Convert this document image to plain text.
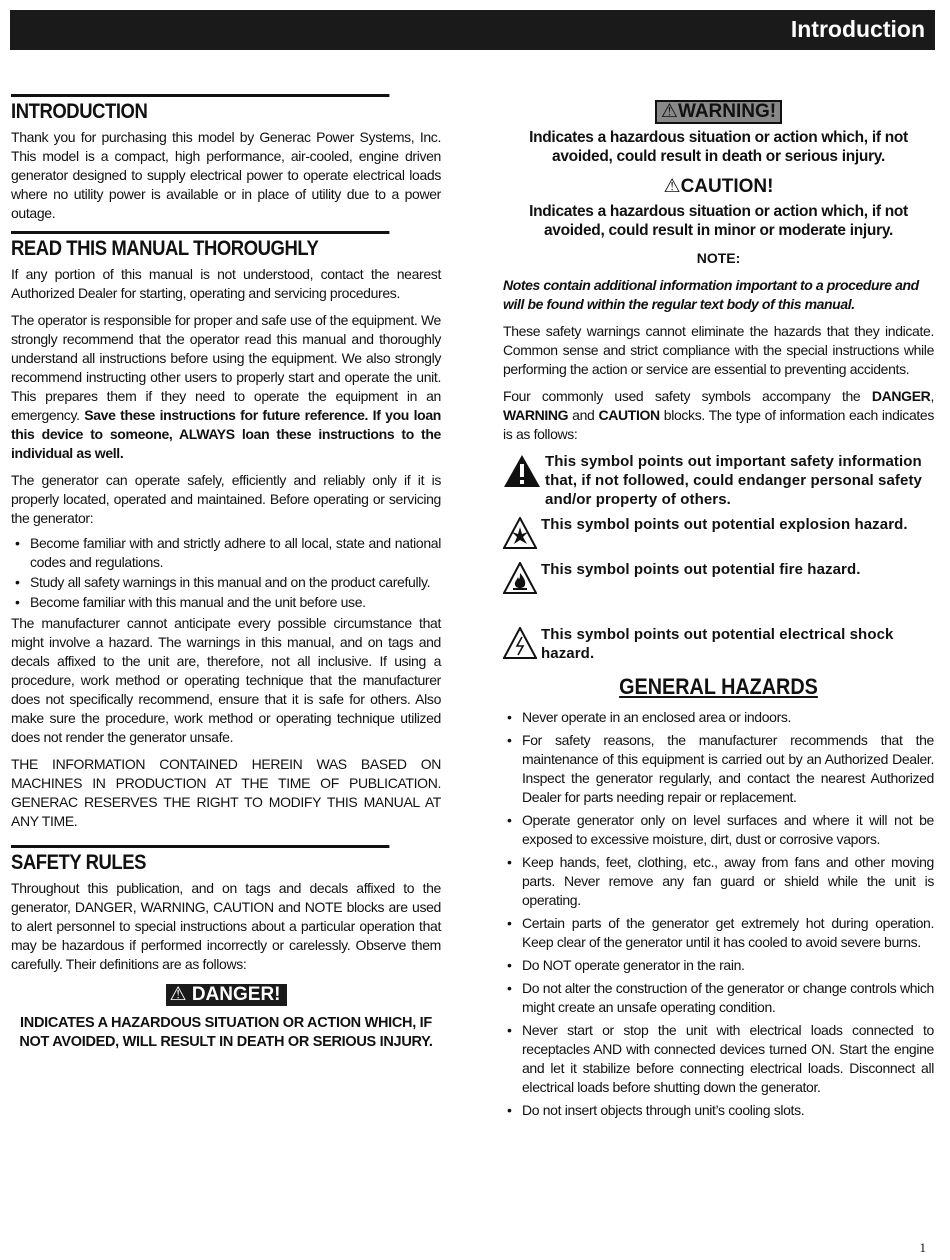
Introduction
INTRODUCTION

Thank you for purchasing this model by Generac Power Systems, Inc. This model is a compact, high performance, air-cooled, engine driven generator designed to supply electrical power to operate electrical loads where no utility power is available or in place of utility due to a power outage.

READ THIS MANUAL THOROUGHLY

If any portion of this manual is not understood, contact the nearest Authorized Dealer for starting, operating and servicing procedures.

The operator is responsible for proper and safe use of the equipment. We strongly recommend that the operator read this manual and thoroughly understand all instructions before using the equipment. We also strongly recommend instructing other users to properly start and operate the unit. This prepares them if they need to operate the equipment in an emergency. Save these instructions for future reference. If you loan this device to someone, ALWAYS loan these instructions to the individual as well.

The generator can operate safely, efficiently and reliably only if it is properly located, operated and maintained. Before operating or servicing the generator:

• Become familiar with and strictly adhere to all local, state and national codes and regulations.
• Study all safety warnings in this manual and on the product carefully.
• Become familiar with this manual and the unit before use.

The manufacturer cannot anticipate every possible circumstance that might involve a hazard. The warnings in this manual, and on tags and decals affixed to the unit are, therefore, not all inclusive. If using a procedure, work method or operating technique that the manufacturer does not specifically recommend, ensure that it is safe for others. Also make sure the procedure, work method or operating technique utilized does not render the generator unsafe.

THE INFORMATION CONTAINED HEREIN WAS BASED ON MACHINES IN PRODUCTION AT THE TIME OF PUBLICATION. GENERAC RESERVES THE RIGHT TO MODIFY THIS MANUAL AT ANY TIME.

SAFETY RULES

Throughout this publication, and on tags and decals affixed to the generator, DANGER, WARNING, CAUTION and NOTE blocks are used to alert personnel to special instructions about a particular operation that may be hazardous if performed incorrectly or carelessly. Observe them carefully. Their definitions are as follows:

⚠ DANGER!
INDICATES A HAZARDOUS SITUATION OR ACTION WHICH, IF NOT AVOIDED, WILL RESULT IN DEATH OR SERIOUS INJURY.
⚠WARNING!
Indicates a hazardous situation or action which, if not avoided, could result in death or serious injury.
⚠CAUTION!
Indicates a hazardous situation or action which, if not avoided, could result in minor or moderate injury.
NOTE:
Notes contain additional information important to a procedure and will be found within the regular text body of this manual.

These safety warnings cannot eliminate the hazards that they indicate. Common sense and strict compliance with the special instructions while performing the action or service are essential to preventing accidents.

Four commonly used safety symbols accompany the DANGER, WARNING and CAUTION blocks. The type of information each indicates is as follows:

This symbol points out important safety information that, if not followed, could endanger personal safety and/or property of others.
This symbol points out potential explosion hazard.
This symbol points out potential fire hazard.
This symbol points out potential electrical shock hazard.
GENERAL HAZARDS
• Never operate in an enclosed area or indoors.
• For safety reasons, the manufacturer recommends that the maintenance of this equipment is carried out by an Authorized Dealer. Inspect the generator regularly, and contact the nearest Authorized Dealer for parts needing repair or replacement.
• Operate generator only on level surfaces and where it will not be exposed to excessive moisture, dirt, dust or corrosive vapors.
• Keep hands, feet, clothing, etc., away from fans and other moving parts. Never remove any fan guard or shield while the unit is operating.
• Certain parts of the generator get extremely hot during operation. Keep clear of the generator until it has cooled to avoid severe burns.
• Do NOT operate generator in the rain.
• Do not alter the construction of the generator or change controls which might create an unsafe operating condition.
• Never start or stop the unit with electrical loads connected to receptacles AND with connected devices turned ON. Start the engine and let it stabilize before connecting electrical loads. Disconnect all electrical loads before shutting down the generator.
• Do not insert objects through unit’s cooling slots.
1
